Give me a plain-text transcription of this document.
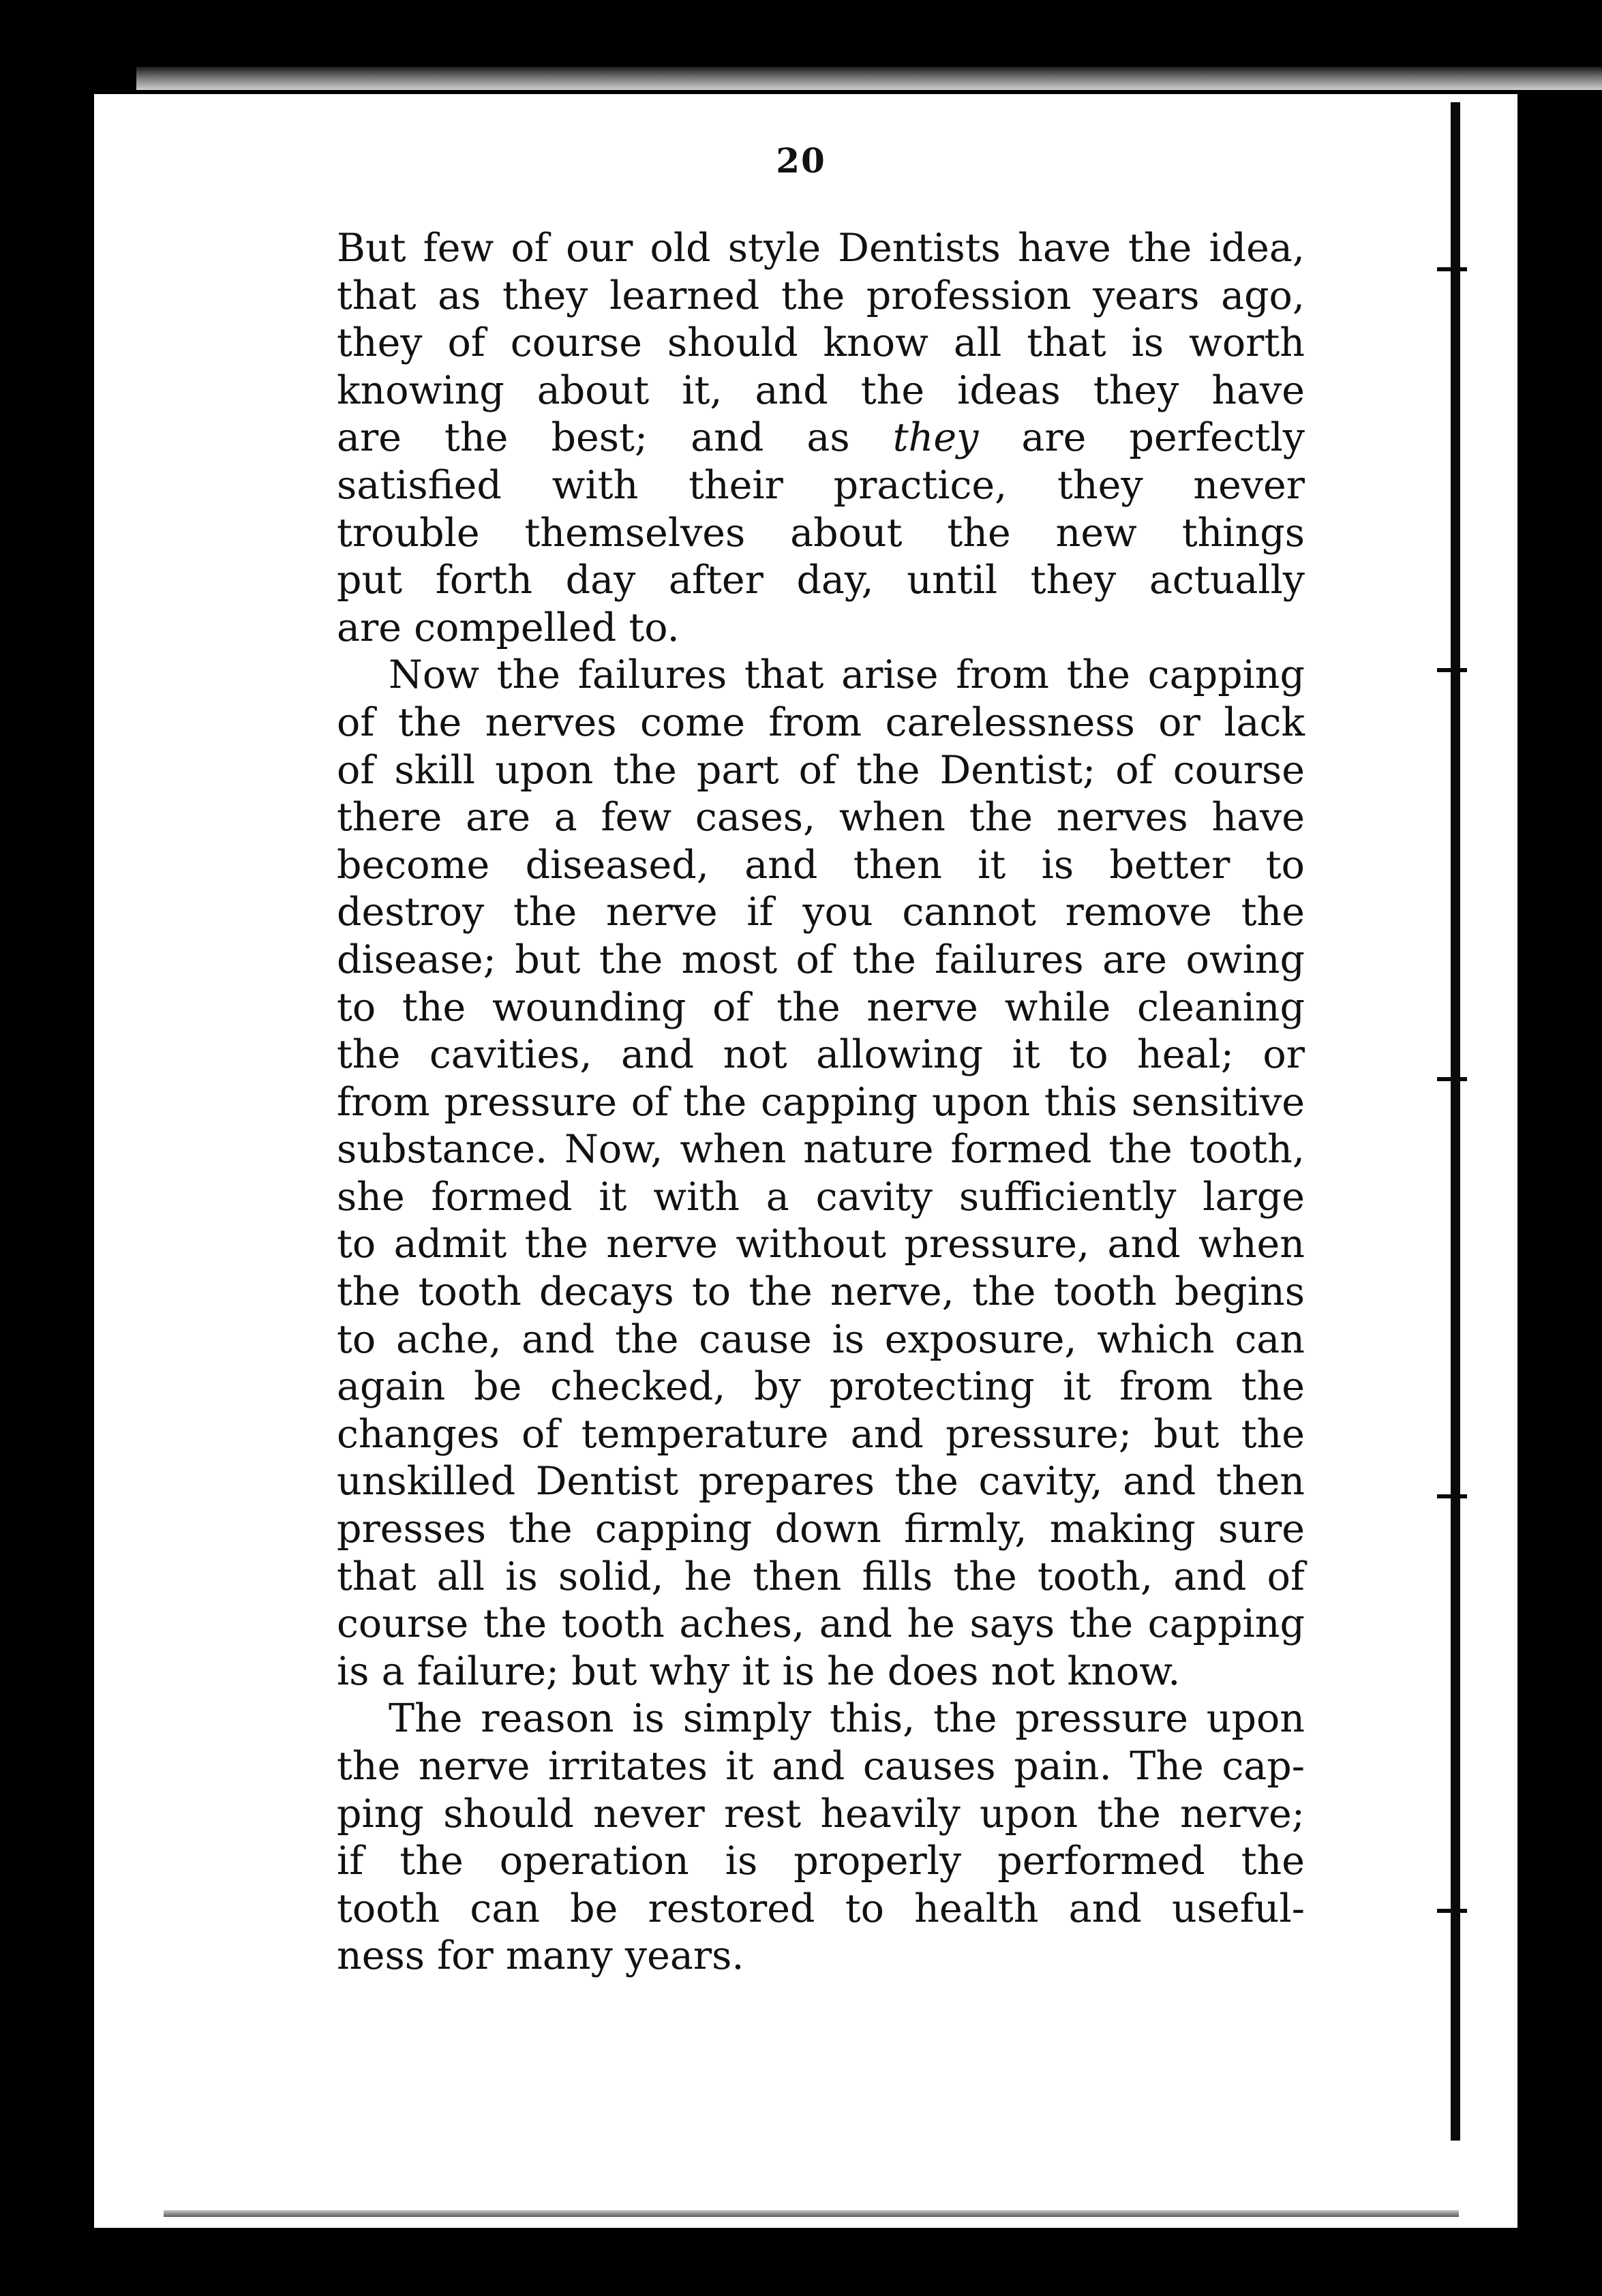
20
But few of our old style Dentists have the idea,
that as they learned the profession years ago,
they of course should know all that is worth
knowing about it, and the ideas they have
are the best; and as they are perfectly
satisfied with their practice, they never
trouble themselves about the new things
put forth day after day, until they actually
are compelled to.
Now the failures that arise from the capping
of the nerves come from carelessness or lack
of skill upon the part of the Dentist; of course
there are a few cases, when the nerves have
become diseased, and then it is better to
destroy the nerve if you cannot remove the
disease; but the most of the failures are owing
to the wounding of the nerve while cleaning
the cavities, and not allowing it to heal; or
from pressure of the capping upon this sensitive
substance. Now, when nature formed the tooth,
she formed it with a cavity sufficiently large
to admit the nerve without pressure, and when
the tooth decays to the nerve, the tooth begins
to ache, and the cause is exposure, which can
again be checked, by protecting it from the
changes of temperature and pressure; but the
unskilled Dentist prepares the cavity, and then
presses the capping down firmly, making sure
that all is solid, he then fills the tooth, and of
course the tooth aches, and he says the capping
is a failure; but why it is he does not know.
The reason is simply this, the pressure upon
the nerve irritates it and causes pain. The cap-
ping should never rest heavily upon the nerve;
if the operation is properly performed the
tooth can be restored to health and useful-
ness for many years.
